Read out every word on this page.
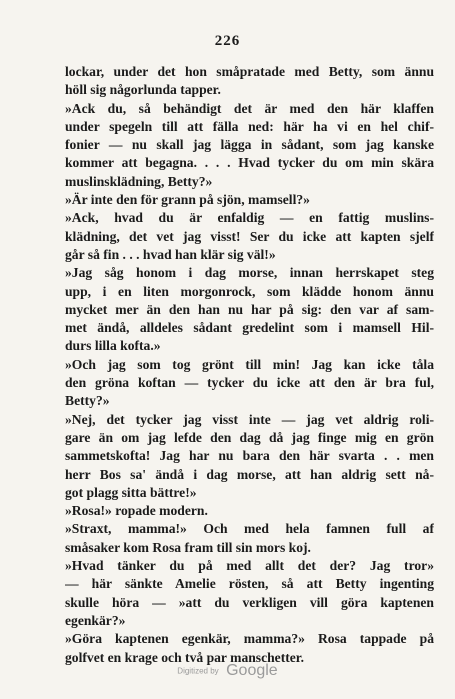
226
lockar, under det hon småpratade med Betty, som ännu
höll sig någorlunda tapper.
»Ack du, så behändigt det är med den här klaffen
under spegeln till att fälla ned: här ha vi en hel chif-
fonier — nu skall jag lägga in sådant, som jag kanske
kommer att begagna. . . . Hvad tycker du om min skära
muslinsklädning, Betty?»
»Är inte den för grann på sjön, mamsell?»
»Ack, hvad du är enfaldig — en fattig muslins-
klädning, det vet jag visst! Ser du icke att kapten sjelf
går så fin . . . hvad han klär sig väl!»
»Jag såg honom i dag morse, innan herrskapet steg
upp, i en liten morgonrock, som klädde honom ännu
mycket mer än den han nu har på sig: den var af sam-
met ändå, alldeles sådant gredelint som i mamsell Hil-
durs lilla kofta.»
»Och jag som tog grönt till min! Jag kan icke tåla
den gröna koftan — tycker du icke att den är bra ful,
Betty?»
»Nej, det tycker jag visst inte — jag vet aldrig roli-
gare än om jag lefde den dag då jag finge mig en grön
sammetskofta! Jag har nu bara den här svarta . . men
herr Bos sa' ändå i dag morse, att han aldrig sett nå-
got plagg sitta bättre!»
»Rosa!» ropade modern.
»Straxt, mamma!» Och med hela famnen full af
småsaker kom Rosa fram till sin mors koj.
»Hvad tänker du på med allt det der? Jag tror»
— här sänkte Amelie rösten, så att Betty ingenting
skulle höra — »att du verkligen vill göra kaptenen
egenkär?»
»Göra kaptenen egenkär, mamma?» Rosa tappade på
golfvet en krage och två par manschetter.
Digitized by Google
